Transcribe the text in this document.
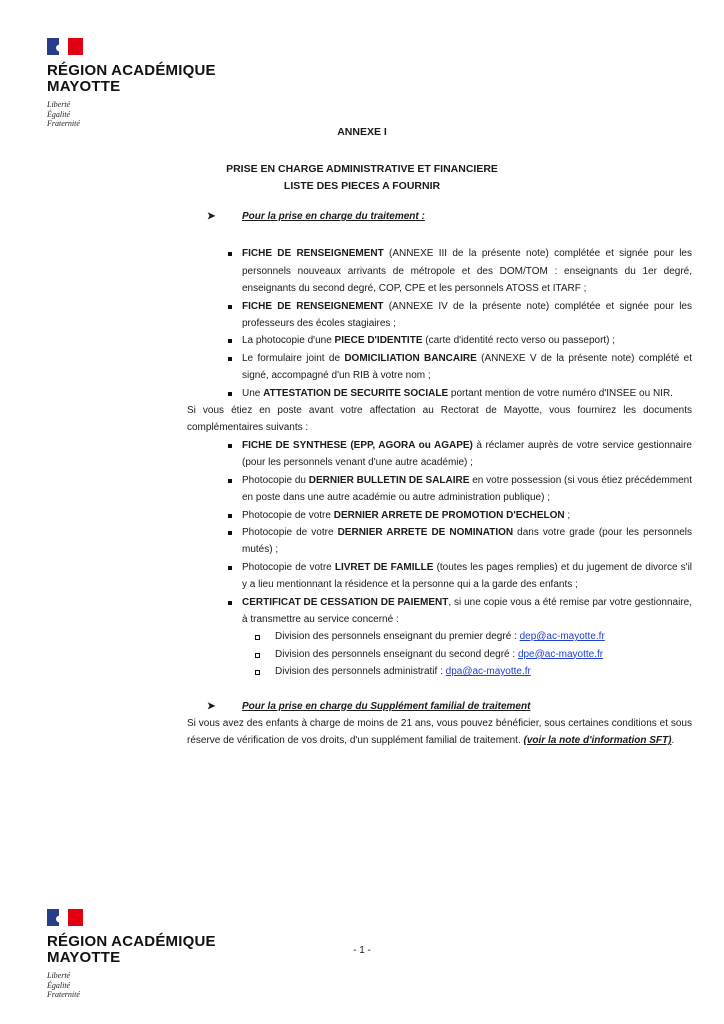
RÉGION ACADÉMIQUE
MAYOTTE
Liberté
Égalité
Fraternité
ANNEXE I
PRISE EN CHARGE ADMINISTRATIVE ET FINANCIERE
LISTE DES PIECES A FOURNIR
➤	Pour la prise en charge du traitement :
FICHE DE RENSEIGNEMENT (ANNEXE III de la présente note) complétée et signée pour les personnels nouveaux arrivants de métropole et des DOM/TOM : enseignants du 1er degré, enseignants du second degré, COP, CPE et les personnels ATOSS et ITARF ;
FICHE DE RENSEIGNEMENT (ANNEXE IV de la présente note) complétée et signée pour les professeurs des écoles stagiaires ;
La photocopie d'une PIECE D'IDENTITE (carte d'identité recto verso ou passeport) ;
Le formulaire joint de DOMICILIATION BANCAIRE (ANNEXE V de la présente note) complété et signé, accompagné d'un RIB à votre nom ;
Une ATTESTATION DE SECURITE SOCIALE portant mention de votre numéro d'INSEE ou NIR.
Si vous étiez en poste avant votre affectation au Rectorat de Mayotte, vous fournirez les documents complémentaires suivants :
FICHE DE SYNTHESE (EPP, AGORA ou AGAPE) à réclamer auprès de votre service gestionnaire (pour les personnels venant d'une autre académie) ;
Photocopie du DERNIER BULLETIN DE SALAIRE en votre possession (si vous étiez précédemment en poste dans une autre académie ou autre administration publique) ;
Photocopie de votre DERNIER ARRETE DE PROMOTION D'ECHELON ;
Photocopie de votre DERNIER ARRETE DE NOMINATION dans votre grade (pour les personnels mutés) ;
Photocopie de votre LIVRET DE FAMILLE (toutes les pages remplies) et du jugement de divorce s'il y a lieu mentionnant la résidence et la personne qui a la garde des enfants ;
CERTIFICAT DE CESSATION DE PAIEMENT, si une copie vous a été remise par votre gestionnaire, à transmettre au service concerné :
Division des personnels enseignant du premier degré : dep@ac-mayotte.fr
Division des personnels enseignant du second degré : dpe@ac-mayotte.fr
Division des personnels administratif : dpa@ac-mayotte.fr
➤	Pour la prise en charge du Supplément familial de traitement
Si vous avez des enfants à charge de moins de 21 ans, vous pouvez bénéficier, sous certaines conditions et sous réserve de vérification de vos droits, d'un supplément familial de traitement. (voir la note d'information SFT).
RÉGION ACADÉMIQUE
MAYOTTE
Liberté
Égalité
Fraternité
- 1 -
